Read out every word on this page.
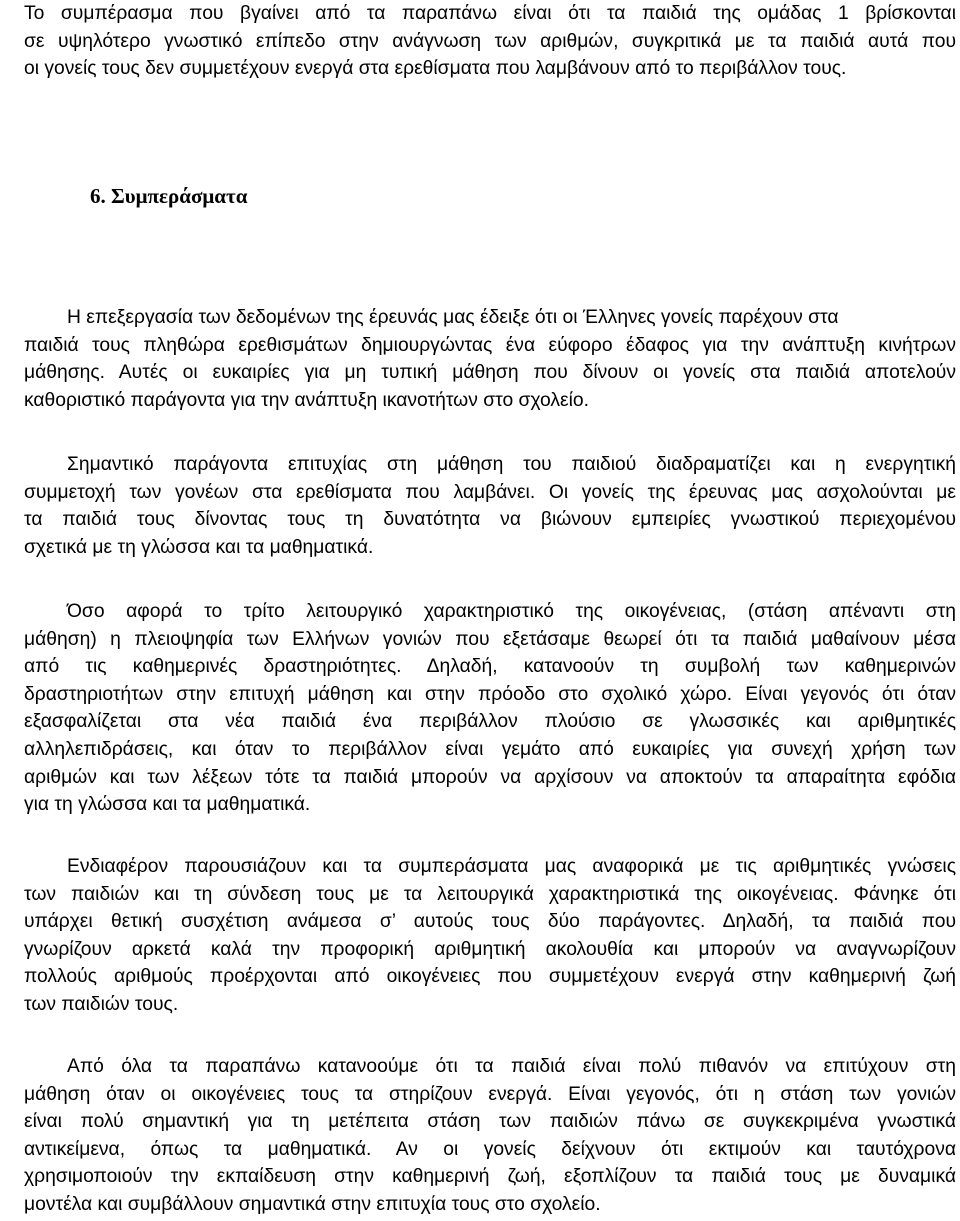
Το συμπέρασμα που βγαίνει από τα παραπάνω είναι ότι τα παιδιά της ομάδας 1 βρίσκονται
σε υψηλότερο γνωστικό επίπεδο στην ανάγνωση των αριθμών, συγκριτικά με τα παιδιά αυτά που
οι γονείς τους δεν συμμετέχουν ενεργά στα ερεθίσματα που λαμβάνουν από το περιβάλλον τους.
6. Συμπεράσματα
Η επεξεργασία των δεδομένων της έρευνάς μας έδειξε ότι οι Έλληνες γονείς παρέχουν στα
παιδιά τους πληθώρα ερεθισμάτων δημιουργώντας ένα εύφορο έδαφος για την ανάπτυξη κινήτρων
μάθησης. Αυτές οι ευκαιρίες για μη τυπική μάθηση που δίνουν οι γονείς στα παιδιά αποτελούν
καθοριστικό παράγοντα για την ανάπτυξη ικανοτήτων στο σχολείο.
Σημαντικό παράγοντα επιτυχίας στη μάθηση του παιδιού διαδραματίζει και η ενεργητική
συμμετοχή των γονέων στα ερεθίσματα που λαμβάνει. Οι γονείς της έρευνας μας ασχολούνται με
τα παιδιά τους δίνοντας τους τη δυνατότητα να βιώνουν εμπειρίες γνωστικού περιεχομένου
σχετικά με τη γλώσσα και τα μαθηματικά.
Όσο αφορά το τρίτο λειτουργικό χαρακτηριστικό της οικογένειας, (στάση απέναντι στη
μάθηση) η πλειοψηφία των Ελλήνων γονιών που εξετάσαμε θεωρεί ότι τα παιδιά μαθαίνουν μέσα
από τις καθημερινές δραστηριότητες. Δηλαδή, κατανοούν τη συμβολή των καθημερινών
δραστηριοτήτων στην επιτυχή μάθηση και στην πρόοδο στο σχολικό χώρο. Είναι γεγονός ότι όταν
εξασφαλίζεται στα νέα παιδιά ένα περιβάλλον πλούσιο σε γλωσσικές και αριθμητικές
αλληλεπιδράσεις, και όταν το περιβάλλον είναι γεμάτο από ευκαιρίες για συνεχή χρήση των
αριθμών και των λέξεων τότε τα παιδιά μπορούν να αρχίσουν να αποκτούν τα απαραίτητα εφόδια
για τη γλώσσα και τα μαθηματικά.
Ενδιαφέρον παρουσιάζουν και τα συμπεράσματα μας αναφορικά με τις αριθμητικές γνώσεις
των παιδιών και τη σύνδεση τους με τα λειτουργικά χαρακτηριστικά της οικογένειας. Φάνηκε ότι
υπάρχει θετική συσχέτιση ανάμεσα σ’ αυτούς τους δύο παράγοντες. Δηλαδή, τα παιδιά που
γνωρίζουν αρκετά καλά την προφορική αριθμητική ακολουθία και μπορούν να αναγνωρίζουν
πολλούς αριθμούς προέρχονται από οικογένειες που συμμετέχουν ενεργά στην καθημερινή ζωή
των παιδιών τους.
Από όλα τα παραπάνω κατανοούμε ότι τα παιδιά είναι πολύ πιθανόν να επιτύχουν στη
μάθηση όταν οι οικογένειες τους τα στηρίζουν ενεργά. Είναι γεγονός, ότι η στάση των γονιών
είναι πολύ σημαντική για τη μετέπειτα στάση των παιδιών πάνω σε συγκεκριμένα γνωστικά
αντικείμενα, όπως τα μαθηματικά. Αν οι γονείς δείχνουν ότι εκτιμούν και ταυτόχρονα
χρησιμοποιούν την εκπαίδευση στην καθημερινή ζωή, εξοπλίζουν τα παιδιά τους με δυναμικά
μοντέλα και συμβάλλουν σημαντικά στην επιτυχία τους στο σχολείο.
